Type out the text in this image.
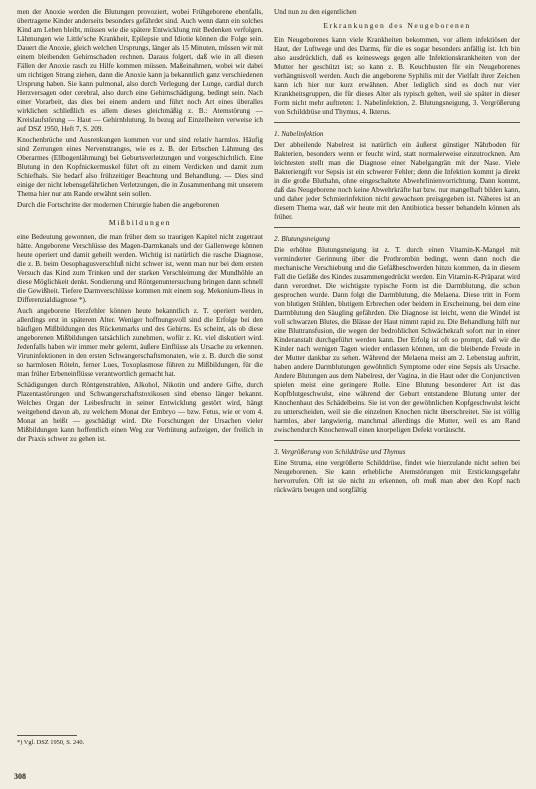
men der Anoxie werden die Blutungen provoziert, wobei Frühgeborene ebenfalls, übertragene Kinder anderseits besonders gefährdet sind. Auch wenn dann ein solches Kind am Leben bleibt, müssen wie die spätere Entwicklung mit Bedenken verfolgen. Lähmungen wie Little'sche Krankheit, Epilepsie und Idiotie können die Folge sein. Dauert die Anoxie, gleich welchen Ursprungs, länger als 15 Minuten, müssen wir mit einem bleibenden Gehirnschaden rechnen. Daraus folgert, daß wie in all diesen Fällen der Anoxie rasch zu Hilfe kommen müssen. Maßeinahmen, wobei wir dabei um richtigen Strang ziehen, dann die Anoxie kann ja bekanntlich ganz verschiedenen Ursprung haben. Sie kann pulmonal, also durch Verlegung der Lunge, cardial durch Herzversagen oder cerebral, also durch eine Gehirnschädigung, bedingt sein. Nach einer Vorarbeit, das dies bei einem andern und führt noch Art eines überalles wirklichen schließlich es allem dieses gleichmäßig z. B.: Atemstörung — Kreislaufstörung — Haut — Gehirnblutung. In bezug auf Einzelheiten verweise ich auf DSZ 1950, Heft 7, S. 209.

Knochenbrüche und Ausrenkungen kommen vor und sind relativ harmlos. Häufig sind Zerrungen eines Nervenstranges, wie es z. B. der Erbschen Lähmung des Oberarmes (Ellbogenlähmung) bei Geburtsverletzungen und vorgeschichtlich. Eine Blutung in den Kopfnickermuskel führt oft zu einem Verdicken und damit zum Schiefhals. Sie bedarf also frühzeitiger Beachtung und Behandlung. — Dies sind einige der nicht lebensgefährlichen Verletzungen, die in Zusammenhang mit unserem Thema hier nur am Rande erwähnt sein sollen.

Durch die Fortschritte der modernen Chirurgie haben die angeborenen

Mißbildungen

eine Bedeutung gewonnen, die man früher dem so traurigen Kapitel nicht zugetraut hätte. Angeborene Verschlüsse des Magen-Darmkanals und der Gallenwege können heute operiert und damit geheilt werden. Wichtig ist natürlich die rasche Diagnose, die z. B. beim Oesophagusverschluß nicht schwer ist, wenn man nur bei dem ersten Versuch das Kind zum Trinken und der starken Verschleimung der Mundhöhle an diese Möglichkeit denkt. Sondierung und Röntgenuntersuchung bringen dann schnell die Gewißheit. Tiefere Darmverschlüsse kommen mit einem sog. Mekonium-Ileus in Differenzialdiagnose *).

Auch angeborene Herzfehler können heute bekanntlich z. T. operiert werden, allerdings erst in späterem Alter. Weniger hoffnungsvoll sind die Erfolge bei den häufigen Mißbildungen des Rückenmarks und des Gehirns. Es scheint, als ob diese angeborenen Mißbildungen tatsächlich zunehmen, wofür z. Kt. viel diskutiert wird. Jedenfalls haben wir immer mehr gelernt, äußere Einflüsse als Ursache zu erkennen. Viruninfektionen in den ersten Schwangerschaftsmonaten, wie z. B. durch die sonst so harmlosen Röteln, ferner Lues, Toxoplasmose führen zu Mißbildungen, für die man früher Erbeneinflüsse verantwortlich gemacht hat.

Schädigungen durch Röntgenstrahlen, Alkohol, Nikotin und andere Gifte, durch Plazentastörungen und Schwangerschaftstoxikosen sind ebenso länger bekannt. Welches Organ der Leibesfrucht in seiner Entwicklung gestört wird, hängt weitgehend davon ab, zu welchem Monat der Embryo — bzw. Fetus, wie er vom 4. Monat an heißt — geschädigt wird. Die Forschungen der Ursachen vieler Mißbildungen kann hoffentlich einen Weg zur Verhütung aufzeigen, der freilich in der Praxis schwer zu gehen ist.

*) Vgl. DSZ 1950, S. 240.
308

Und nun zu den eigentlichen

Erkrankungen des Neugeborenen

Ein Neugeborenes kann viele Krankheiten bekommen, vor allem infektiösen der Haut, der Luftwege und des Darms, für die es sogar besonders anfällig ist. Ich bin also ausdrücklich, daß es keineswegs gegen alle Infektionskrankheiten von der Mutter her geschützt ist; so kann z. B. Keuchhusten für ein Neugeborenes verhängnisvoll werden. Auch die angeborene Syphilis mit der Vielfalt ihrer Zeichen kann ich hier nur kurz erwähnen. Aber lediglich sind es doch nur vier Krankheitsgruppen, die für dieses Alter als typisch gelten, weil sie später in dieser Form nicht mehr auftreten: 1. Nabelinfektion, 2. Blutungsneigung, 3. Vergrößerung von Schilddrüse und Thymus, 4. Ikterus.

1. Nabelinfektion

Der abheilende Nabelrest ist natürlich ein äußerst günstiger Nährboden für Bakterien, besonders wenn er feucht wird, statt normalerweise einzutrocknen. Am leichtesten stellt man die Diagnose einer Nabelgangrän mit der Nase. Viele Bakteriengift vor Sepsis ist ein schwerer Fehler; denn die Infektion kommt ja direkt in die große Blutbahn, ohne eingeschaltete Abwehrlinienvorrichtung. Dann kommt, daß das Neugeborene noch keine Abwehrkräfte hat bzw. nur mangelhaft bilden kann, und daher jeder Schmierinfektion nicht gewachsen preisgegeben ist. Näheres ist an diesem Thema war, daß wir heute mit den Antibiotica besser behandeln können als früher.

2. Blutungsneigung

Die erhöhte Blutungsneigung ist z. T. durch einen Vitamin-K-Mangel mit verminderter Gerinnung über die Prothrombin bedingt, wenn dann noch die mechanische Verschiebung und die Gefäßbeschwerden hinzu kommen, da in diesem Fall die Gefäße des Kindes zusammengedrückt werden. Ein Vitamin-K-Präparat wird dann verordnet. Die wichtigste typische Form ist die Darmblutung, die schon gesprochen wurde. Dann folgt die Darmblutung, die Melaena. Diese tritt in Form von blutigen Stühlen, blutigem Erbrechen oder beidem in Erscheinung, bei dem eine Darmblutung den Säugling gefährden. Die Diagnose ist leicht, wenn die Windel ist voll schwarzen Blutes, die Blässe der Haut nimmt rapid zu. Die Behandlung hilft nur eine Bluttransfusion, die wegen der bedrohlichen Schwächekraft sofort nur in einer Kinderanstalt durchgeführt werden kann. Der Erfolg ist oft so prompt, daß wir die Kinder nach wenigen Tagen wieder entlassen können, um die bleibende Freude in der Mutter dankbar zu sehen. Während der Melaena meist am 2. Lebenstag auftritt, haben andere Darmblutungen gewöhnlich Symptome oder eine Sepsis als Ursache. Andere Blutungen aus dem Nabelrest, der Vagina, in die Haut oder die Conjunctiven spielen meist eine geringere Rolle. Eine Blutung besonderer Art ist das Kopfblutgeschwulst, eine während der Geburt entstandene Blutung unter der Knochenhaut des Schädelbeins. Sie ist von der gewöhnlichen Kopfgeschwulst leicht zu unterscheiden, weil sie die einzelnen Knochen nicht überschreitet. Sie ist völlig harmlos, aber langwierig, manchmal allerdings die Mutter, weil es am Rand zwischendurch Knochenwall einen knorpeligen Defekt vortäuscht.

3. Vergrößerung von Schilddrüse und Thymus

Eine Struma, eine vergrößerte Schilddrüse, findet wie hierzulande nicht selten bei Neugeborenen. Sie kann erhebliche Atemstörungen mit Erstickungsgefahr hervorrufen. Oft ist sie nicht zu erkennen, oft muß man aber den Kopf nach rückwärts beugen und sorgfältig
